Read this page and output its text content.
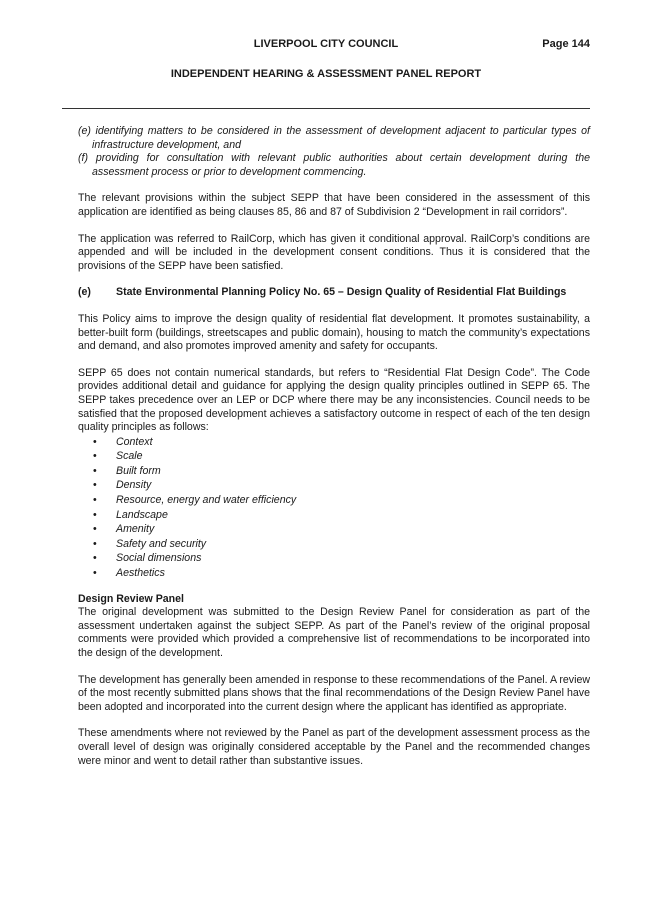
LIVERPOOL CITY COUNCIL	Page 144
INDEPENDENT HEARING & ASSESSMENT PANEL REPORT

(e) identifying matters to be considered in the assessment of development adjacent to particular types of infrastructure development, and

(f) providing for consultation with relevant public authorities about certain development during the assessment process or prior to development commencing.

The relevant provisions within the subject SEPP that have been considered in the assessment of this application are identified as being clauses 85, 86 and 87 of Subdivision 2 “Development in rail corridors”.

The application was referred to RailCorp, which has given it conditional approval. RailCorp’s conditions are appended and will be included in the development consent conditions. Thus it is considered that the provisions of the SEPP have been satisfied.

(e)	State Environmental Planning Policy No. 65 – Design Quality of Residential Flat Buildings

This Policy aims to improve the design quality of residential flat development. It promotes sustainability, a better-built form (buildings, streetscapes and public domain), housing to match the community’s expectations and demand, and also promotes improved amenity and safety for occupants.

SEPP 65 does not contain numerical standards, but refers to “Residential Flat Design Code”. The Code provides additional detail and guidance for applying the design quality principles outlined in SEPP 65. The SEPP takes precedence over an LEP or DCP where there may be any inconsistencies. Council needs to be satisfied that the proposed development achieves a satisfactory outcome in respect of each of the ten design quality principles as follows:

• Context
• Scale
• Built form
• Density
• Resource, energy and water efficiency
• Landscape
• Amenity
• Safety and security
• Social dimensions
• Aesthetics

Design Review Panel

The original development was submitted to the Design Review Panel for consideration as part of the assessment undertaken against the subject SEPP. As part of the Panel’s review of the original proposal comments were provided which provided a comprehensive list of recommendations to be incorporated into the design of the development.

The development has generally been amended in response to these recommendations of the Panel. A review of the most recently submitted plans shows that the final recommendations of the Design Review Panel have been adopted and incorporated into the current design where the applicant has identified as appropriate.

These amendments where not reviewed by the Panel as part of the development assessment process as the overall level of design was originally considered acceptable by the Panel and the recommended changes were minor and went to detail rather than substantive issues.
